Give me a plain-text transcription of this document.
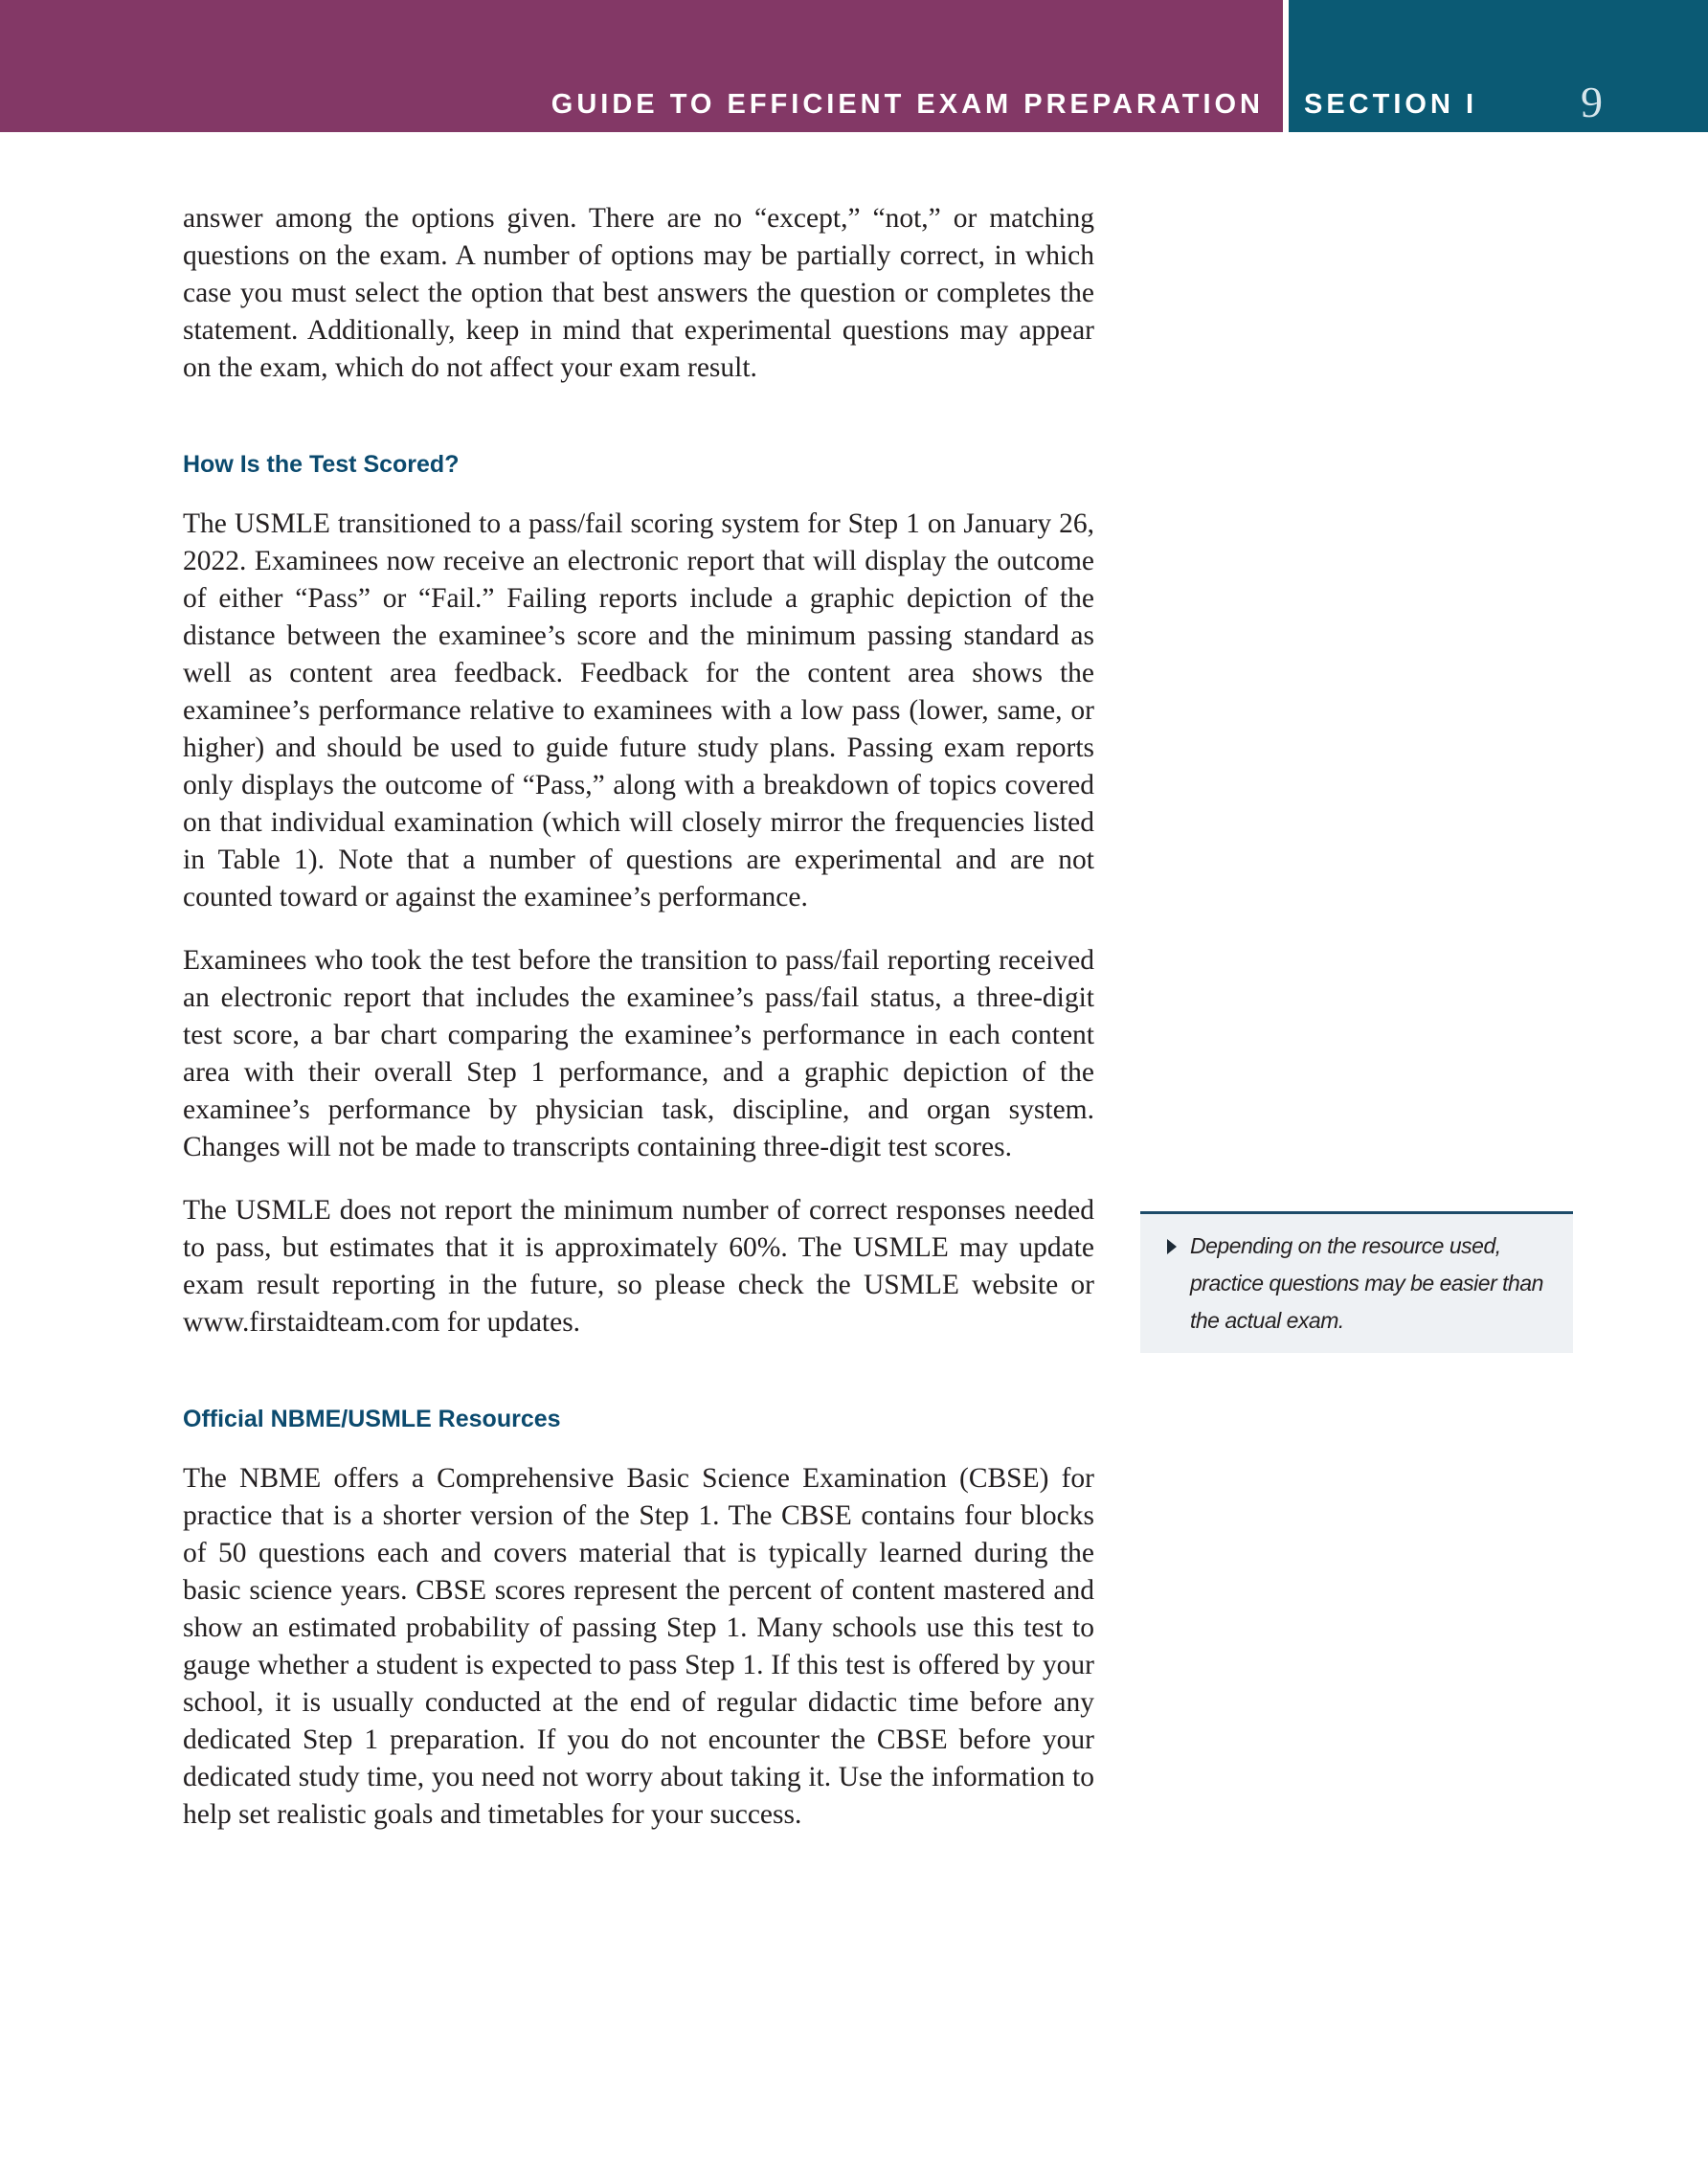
GUIDE TO EFFICIENT EXAM PREPARATION SECTION I 9

answer among the options given. There are no “except,” “not,” or matching questions on the exam. A number of options may be partially correct, in which case you must select the option that best answers the question or completes the statement. Additionally, keep in mind that experimental questions may appear on the exam, which do not affect your exam result.

How Is the Test Scored?

The USMLE transitioned to a pass/fail scoring system for Step 1 on January 26, 2022. Examinees now receive an electronic report that will display the outcome of either “Pass” or “Fail.” Failing reports include a graphic depiction of the distance between the examinee’s score and the minimum passing standard as well as content area feedback. Feedback for the content area shows the examinee’s performance relative to examinees with a low pass (lower, same, or higher) and should be used to guide future study plans. Passing exam reports only displays the outcome of “Pass,” along with a breakdown of topics covered on that individual examination (which will closely mirror the frequencies listed in Table 1). Note that a number of questions are experimental and are not counted toward or against the examinee’s performance.

Examinees who took the test before the transition to pass/fail reporting received an electronic report that includes the examinee’s pass/fail status, a three-digit test score, a bar chart comparing the examinee’s performance in each content area with their overall Step 1 performance, and a graphic depiction of the examinee’s performance by physician task, discipline, and organ system. Changes will not be made to transcripts containing three-digit test scores.

The USMLE does not report the minimum number of correct responses needed to pass, but estimates that it is approximately 60%. The USMLE may update exam result reporting in the future, so please check the USMLE website or www.firstaidteam.com for updates.

Official NBME/USMLE Resources

The NBME offers a Comprehensive Basic Science Examination (CBSE) for practice that is a shorter version of the Step 1. The CBSE contains four blocks of 50 questions each and covers material that is typically learned during the basic science years. CBSE scores represent the percent of content mastered and show an estimated probability of passing Step 1. Many schools use this test to gauge whether a student is expected to pass Step 1. If this test is offered by your school, it is usually conducted at the end of regular didactic time before any dedicated Step 1 preparation. If you do not encounter the CBSE before your dedicated study time, you need not worry about taking it. Use the information to help set realistic goals and timetables for your success.

Depending on the resource used, practice questions may be easier than the actual exam.
